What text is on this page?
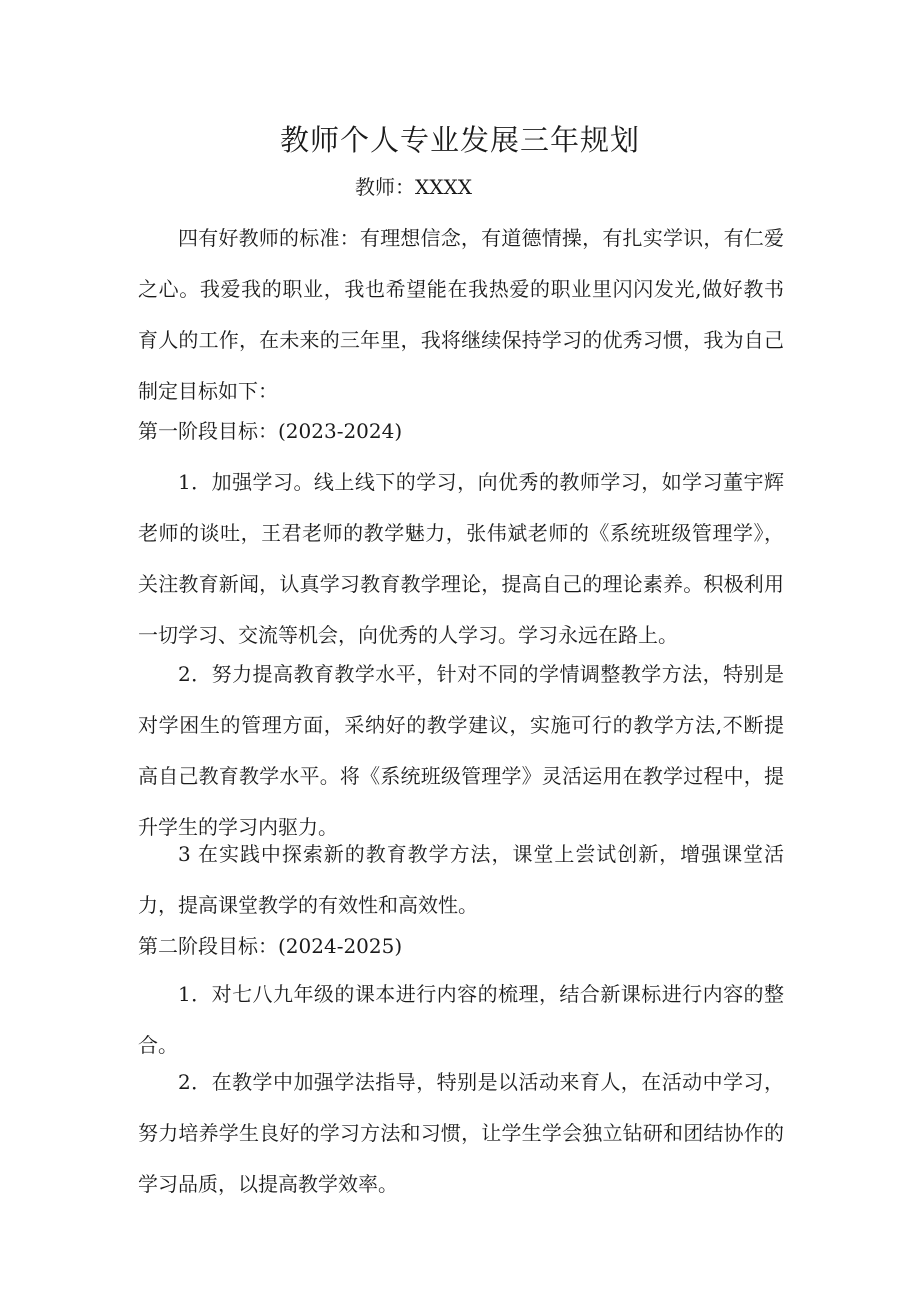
教师个人专业发展三年规划
教师：XXXX

四有好教师的标准：有理想信念，有道德情操，有扎实学识，有仁爱之心。我爱我的职业，我也希望能在我热爱的职业里闪闪发光,做好教书育人的工作，在未来的三年里，我将继续保持学习的优秀习惯，我为自己制定目标如下：

第一阶段目标：(2023-2024)

1．加强学习。线上线下的学习，向优秀的教师学习，如学习董宇辉老师的谈吐，王君老师的教学魅力，张伟斌老师的《系统班级管理学》，关注教育新闻，认真学习教育教学理论，提高自己的理论素养。积极利用一切学习、交流等机会，向优秀的人学习。学习永远在路上。

2．努力提高教育教学水平，针对不同的学情调整教学方法，特别是对学困生的管理方面，采纳好的教学建议，实施可行的教学方法,不断提高自己教育教学水平。将《系统班级管理学》灵活运用在教学过程中，提升学生的学习内驱力。

3 在实践中探索新的教育教学方法，课堂上尝试创新，增强课堂活力，提高课堂教学的有效性和高效性。

第二阶段目标：(2024-2025)

1．对七八九年级的课本进行内容的梳理，结合新课标进行内容的整合。

2．在教学中加强学法指导，特别是以活动来育人，在活动中学习，努力培养学生良好的学习方法和习惯，让学生学会独立钻研和团结协作的学习品质，以提高教学效率。
